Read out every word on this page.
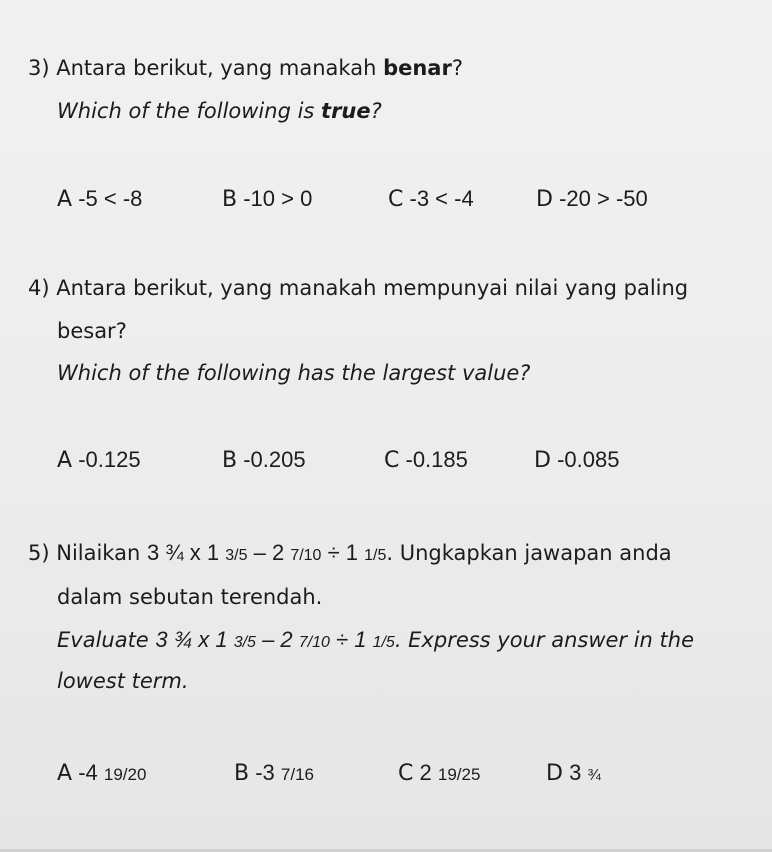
3) Antara berikut, yang manakah benar?
Which of the following is true?
A -5 < -8	B -10 > 0	C -3 < -4	D -20 > -50
4) Antara berikut, yang manakah mempunyai nilai yang paling
besar?
Which of the following has the largest value?
A -0.125	B -0.205	C -0.185	D -0.085
5) Nilaikan 3 ¾ x 1 3/5 – 2 7/10 ÷ 1 1/5. Ungkapkan jawapan anda
dalam sebutan terendah.
Evaluate 3 ¾ x 1 3/5 – 2 7/10 ÷ 1 1/5. Express your answer in the
lowest term.
A -4 19/20	B -3 7/16	C 2 19/25	D 3 ¾
